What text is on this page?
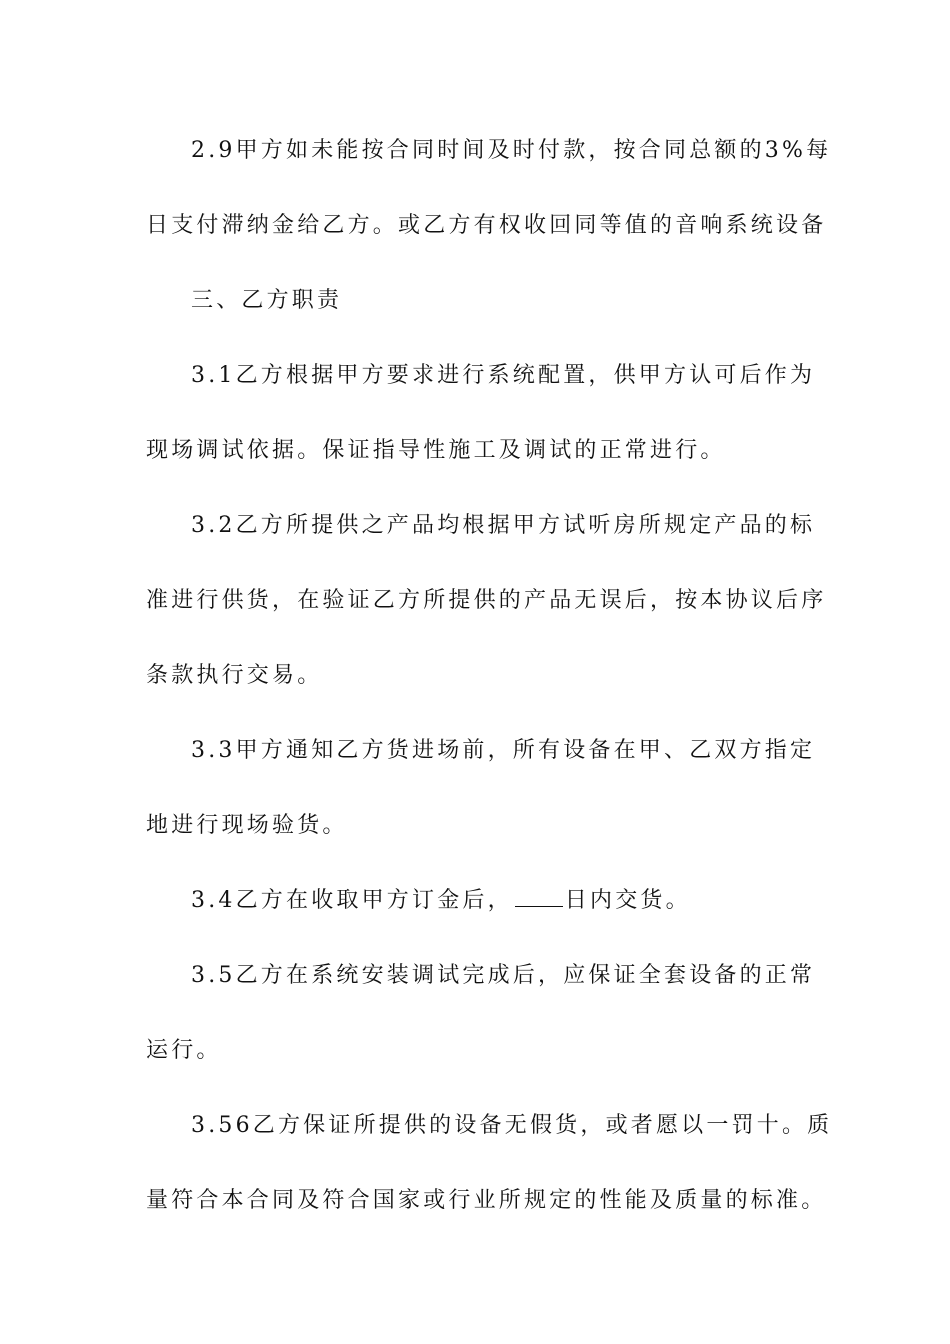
2.9甲方如未能按合同时间及时付款，按合同总额的3%每
日支付滞纳金给乙方。或乙方有权收回同等值的音响系统设备
三、乙方职责
3.1乙方根据甲方要求进行系统配置，供甲方认可后作为
现场调试依据。保证指导性施工及调试的正常进行。
3.2乙方所提供之产品均根据甲方试听房所规定产品的标
准进行供货，在验证乙方所提供的产品无误后，按本协议后序
条款执行交易。
3.3甲方通知乙方货进场前，所有设备在甲、乙双方指定
地进行现场验货。
3.4乙方在收取甲方订金后， 日内交货。
3.5乙方在系统安装调试完成后，应保证全套设备的正常
运行。
3.56乙方保证所提供的设备无假货，或者愿以一罚十。质
量符合本合同及符合国家或行业所规定的性能及质量的标准。
